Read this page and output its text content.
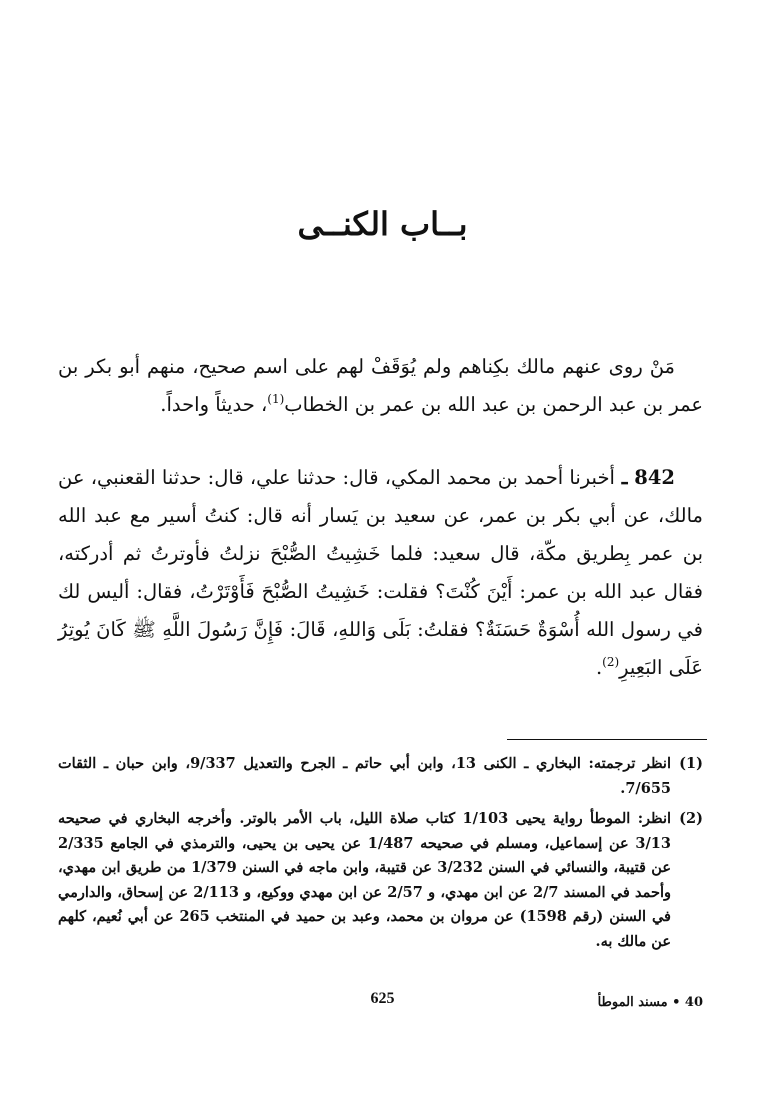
بــاب الكنــى

مَنْ روى عنهم مالك بكِناهم ولم يُوَقَفْ لهم على اسم صحيح، منهم أبو بكر بن عمر بن عبد الرحمن بن عبد الله بن عمر بن الخطاب$^{(1)}$، حديثاً واحداً.

842 ـ أخبرنا أحمد بن محمد المكي، قال: حدثنا علي، قال: حدثنا القعنبي، عن مالك، عن أبي بكر بن عمر، عن سعيد بن يَسار أنه قال: كنتُ أسير مع عبد الله بن عمر بِطريق مكّة، قال سعيد: فلما خَشِيتُ الصُّبْحَ نزلتُ فأوترتُ ثم أدركته، فقال عبد الله بن عمر: أَيْنَ كُنْتَ؟ فقلت: خَشِيتُ الصُّبْحَ فَأَوْتَرْتُ، فقال: أليس لك في رسول الله أُسْوَةٌ حَسَنَةٌ؟ فقلتُ: بَلَى وَاللهِ، قَالَ: فَإِنَّ رَسُولَ اللَّهِ ﷺ كَانَ يُوتِرُ عَلَى البَعِيرِ$^{(2)}$.

(1)
انظر ترجمته: البخاري ـ الكنى 13، وابن أبي حاتم ـ الجرح والتعديل 9/337، وابن حبان ـ الثقات 7/655.
(2)
انظر: الموطأ رواية يحيى 1/103 كتاب صلاة الليل، باب الأمر بالوتر. وأخرجه البخاري في صحيحه 3/13 عن إسماعيل، ومسلم في صحيحه 1/487 عن يحيى بن يحيى، والترمذي في الجامع 2/335 عن قتيبة، والنسائي في السنن 3/232 عن قتيبة، وابن ماجه في السنن 1/379 من طريق ابن مهدي، وأحمد في المسند 2/7 عن ابن مهدي، و 2/57 عن ابن مهدي ووكيع، و 2/113 عن إسحاق، والدارمي في السنن (رقم 1598) عن مروان بن محمد، وعبد بن حميد في المنتخب 265 عن أبي نُعيم، كلهم عن مالك به.
625	40 • مسند الموطأ
